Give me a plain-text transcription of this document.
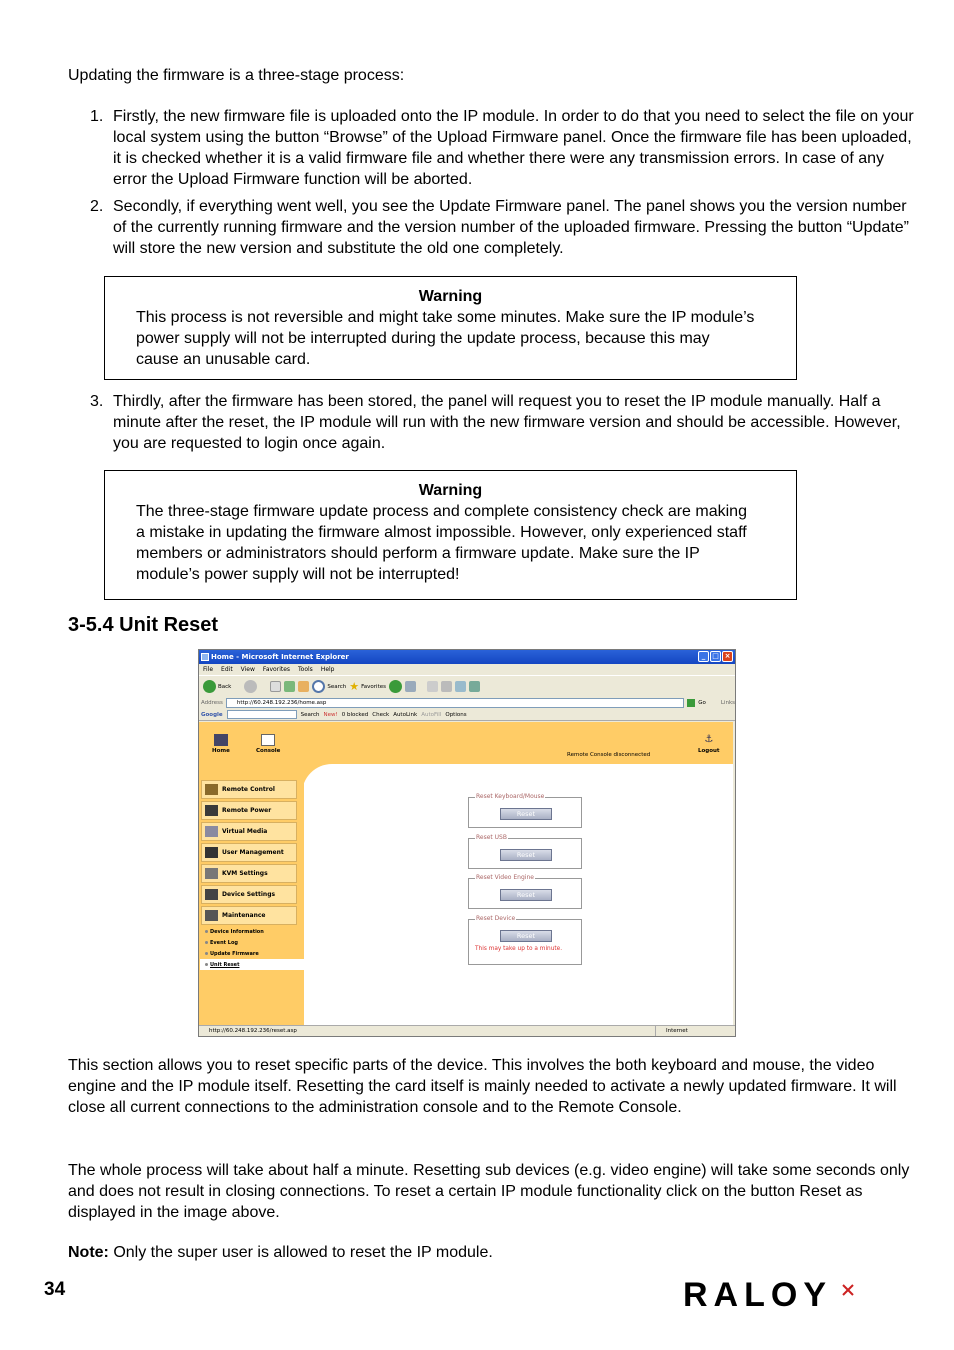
Updating the firmware is a three-stage process:

1. Firstly, the new firmware file is uploaded onto the IP module. In order to do that you need to select the file on your local system using the button “Browse” of the Upload Firmware panel. Once the firmware file has been uploaded, it is checked whether it is a valid firmware file and whether there were any transmission errors. In case of any error the Upload Firmware function will be aborted.
2. Secondly, if everything went well, you see the Update Firmware panel. The panel shows you the version number of the currently running firmware and the version number of the uploaded firmware. Pressing the button “Update” will store the new version and substitute the old one completely.
Warning
This process is not reversible and might take some minutes. Make sure the IP module’s power supply will not be interrupted during the update process, because this may cause an unusable card.
3. Thirdly, after the firmware has been stored, the panel will request you to reset the IP module manually. Half a minute after the reset, the IP module will run with the new firmware version and should be accessible. However, you are requested to login once again.
Warning
The three-stage firmware update process and complete consistency check are making a mistake in updating the firmware almost impossible. However, only experienced staff members or administrators should perform a firmware update. Make sure the IP module’s power supply will not be interrupted!
3-5.4 Unit Reset
Home - Microsoft Internet Explorer	_ □ ×
File Edit View Favorites Tools Help
Back	Search ★ Favorites
Address	http://60.248.192.236/home.asp	Go	Links
Google	Search New! 0 blocked Check AutoLink AutoFill Options
Home	Console
Remote Console disconnected
⚓
Logout
Remote Control
Remote Power
Virtual Media
User Management
KVM Settings
Device Settings
Maintenance
Device Information
Event Log
Update Firmware
Unit Reset
Reset Keyboard/Mouse
Reset
Reset USB
Reset
Reset Video Engine
Reset
Reset Device
Reset
This may take up to a minute.
http://60.248.192.236/reset.asp	Internet

This section allows you to reset specific parts of the device. This involves the both keyboard and mouse, the video engine and the IP module itself. Resetting the card itself is mainly needed to activate a newly updated firmware. It will close all current connections to the administration console and to the Remote Console.

The whole process will take about half a minute. Resetting sub devices (e.g. video engine) will take some seconds only and does not result in closing connections. To reset a certain IP module functionality click on the button Reset as displayed in the image above.

Note: Only the super user is allowed to reset the IP module.

34	RALOY
